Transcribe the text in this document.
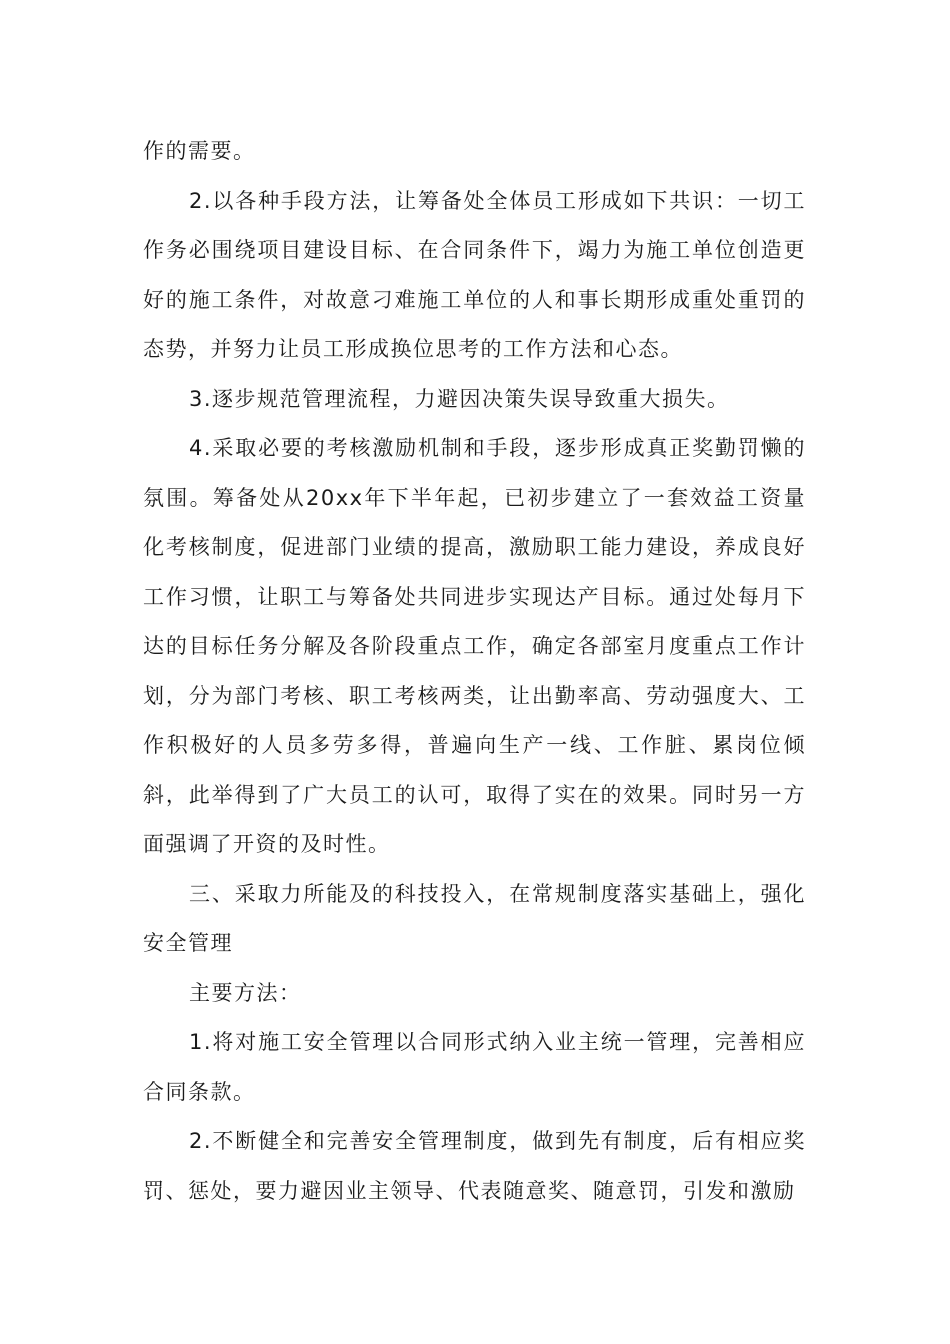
作的需要。

2.以各种手段方法，让筹备处全体员工形成如下共识：一切工作务必围绕项目建设目标、在合同条件下，竭力为施工单位创造更好的施工条件，对故意刁难施工单位的人和事长期形成重处重罚的态势，并努力让员工形成换位思考的工作方法和心态。

3.逐步规范管理流程，力避因决策失误导致重大损失。

4.采取必要的考核激励机制和手段，逐步形成真正奖勤罚懒的氛围。筹备处从20xx年下半年起，已初步建立了一套效益工资量化考核制度，促进部门业绩的提高，激励职工能力建设，养成良好工作习惯，让职工与筹备处共同进步实现达产目标。通过处每月下达的目标任务分解及各阶段重点工作，确定各部室月度重点工作计划，分为部门考核、职工考核两类，让出勤率高、劳动强度大、工作积极好的人员多劳多得，普遍向生产一线、工作脏、累岗位倾斜，此举得到了广大员工的认可，取得了实在的效果。同时另一方面强调了开资的及时性。

三、采取力所能及的科技投入，在常规制度落实基础上，强化安全管理

主要方法：

1.将对施工安全管理以合同形式纳入业主统一管理，完善相应合同条款。

2.不断健全和完善安全管理制度，做到先有制度，后有相应奖罚、惩处，要力避因业主领导、代表随意奖、随意罚，引发和激励
